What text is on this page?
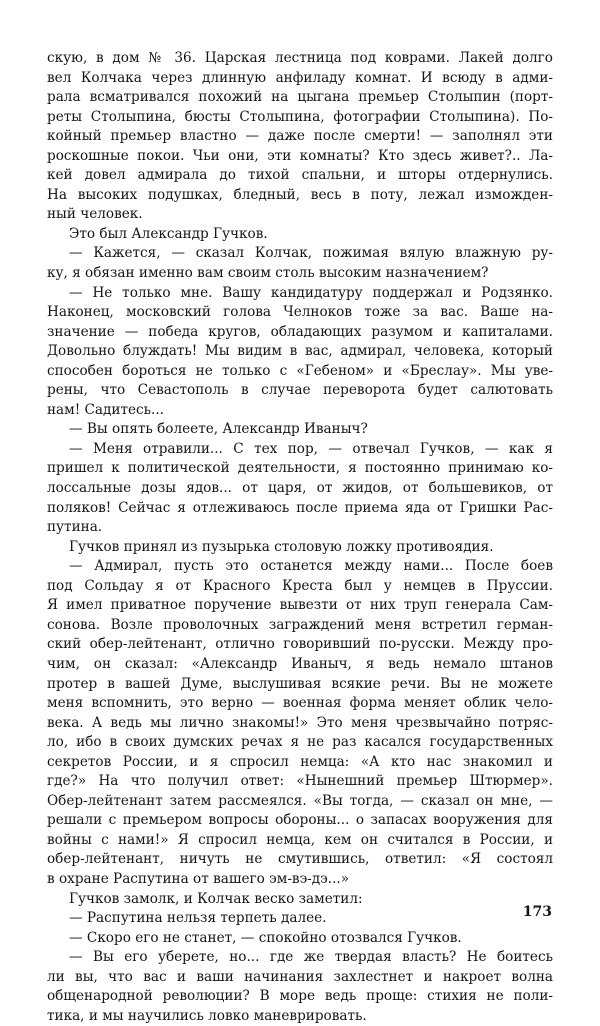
скую, в дом № 36. Царская лестница под коврами. Лакей долго
вел Колчака через длинную анфиладу комнат. И всюду в адми-
рала всматривался похожий на цыгана премьер Столыпин (порт-
реты Столыпина, бюсты Столыпина, фотографии Столыпина). По-
койный премьер властно — даже после смерти! — заполнял эти
роскошные покои. Чьи они, эти комнаты? Кто здесь живет?.. Ла-
кей довел адмирала до тихой спальни, и шторы отдернулись.
На высоких подушках, бледный, весь в поту, лежал изможден-
ный человек.
Это был Александр Гучков.
— Кажется, — сказал Колчак, пожимая вялую влажную ру-
ку, я обязан именно вам своим столь высоким назначением?
— Не только мне. Вашу кандидатуру поддержал и Родзянко.
Наконец, московский голова Челноков тоже за вас. Ваше на-
значение — победа кругов, обладающих разумом и капиталами.
Довольно блуждать! Мы видим в вас, адмирал, человека, который
способен бороться не только с «Гебеном» и «Бреслау». Мы уве-
рены, что Севастополь в случае переворота будет салютовать
нам! Садитесь...
— Вы опять болеете, Александр Иваныч?
— Меня отравили... С тех пор, — отвечал Гучков, — как я
пришел к политической деятельности, я постоянно принимаю ко-
лоссальные дозы ядов... от царя, от жидов, от большевиков, от
поляков! Сейчас я отлеживаюсь после приема яда от Гришки Рас-
путина.
Гучков принял из пузырька столовую ложку противоядия.
— Адмирал, пусть это останется между нами... После боев
под Сольдау я от Красного Креста был у немцев в Пруссии.
Я имел приватное поручение вывезти от них труп генерала Сам-
сонова. Возле проволочных заграждений меня встретил герман-
ский обер-лейтенант, отлично говоривший по-русски. Между про-
чим, он сказал: «Александр Иваныч, я ведь немало штанов
протер в вашей Думе, выслушивая всякие речи. Вы не можете
меня вспомнить, это верно — военная форма меняет облик чело-
века. А ведь мы лично знакомы!» Это меня чрезвычайно потряс-
ло, ибо в своих думских речах я не раз касался государственных
секретов России, и я спросил немца: «А кто нас знакомил и
где?» На что получил ответ: «Нынешний премьер Штюрмер».
Обер-лейтенант затем рассмеялся. «Вы тогда, — сказал он мне, —
решали с премьером вопросы обороны... о запасах вооружения для
войны с нами!» Я спросил немца, кем он считался в России, и
обер-лейтенант, ничуть не смутившись, ответил: «Я состоял
в охране Распутина от вашего эм-вэ-дэ...»
Гучков замолк, и Колчак веско заметил:
— Распутина нельзя терпеть далее.
— Скоро его не станет, — спокойно отозвался Гучков.
— Вы его уберете, но... где же твердая власть? Не боитесь
ли вы, что вас и ваши начинания захлестнет и накроет волна
общенародной революции? В море ведь проще: стихия не поли-
тика, и мы научились ловко маневрировать.
173
